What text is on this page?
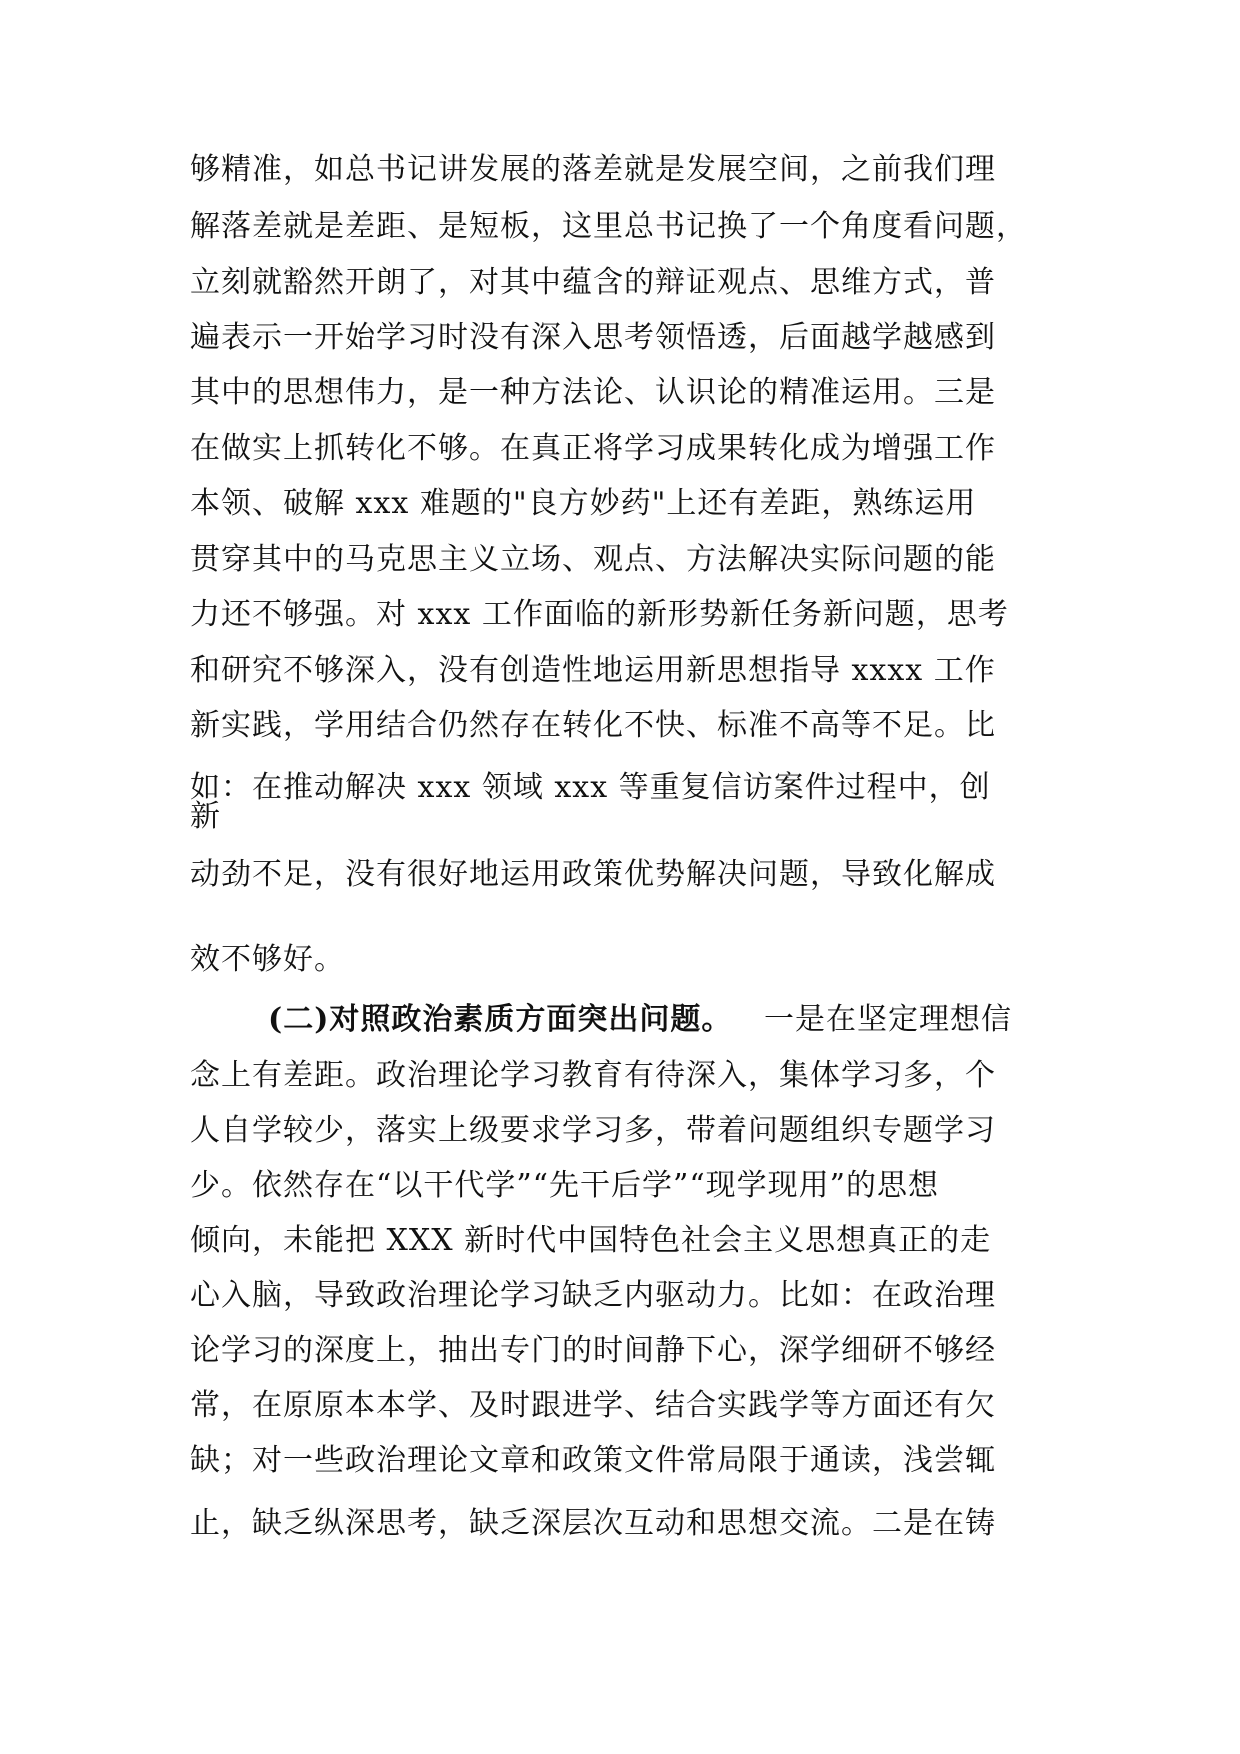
够精准，如总书记讲发展的落差就是发展空间，之前我们理
解落差就是差距、是短板，这里总书记换了一个角度看问题，
立刻就豁然开朗了，对其中蕴含的辩证观点、思维方式，普
遍表示一开始学习时没有深入思考领悟透，后面越学越感到
其中的思想伟力，是一种方法论、认识论的精准运用。三是
在做实上抓转化不够。在真正将学习成果转化成为增强工作
本领、破解 xxx 难题的"良方妙药"上还有差距，熟练运用
贯穿其中的马克思主义立场、观点、方法解决实际问题的能
力还不够强。对 xxx 工作面临的新形势新任务新问题，思考
和研究不够深入，没有创造性地运用新思想指导 xxxx 工作
新实践，学用结合仍然存在转化不快、标准不高等不足。比
如：在推动解决 xxx 领域 xxx 等重复信访案件过程中，创
新
动劲不足，没有很好地运用政策优势解决问题，导致化解成
效不够好。
(二)对照政治素质方面突出问题。 一是在坚定理想信
念上有差距。政治理论学习教育有待深入，集体学习多，个
人自学较少，落实上级要求学习多，带着问题组织专题学习
少。依然存在“以干代学”“先干后学”“现学现用”的思想
倾向，未能把 XXX 新时代中国特色社会主义思想真正的走
心入脑，导致政治理论学习缺乏内驱动力。比如：在政治理
论学习的深度上，抽出专门的时间静下心，深学细研不够经
常，在原原本本学、及时跟进学、结合实践学等方面还有欠
缺；对一些政治理论文章和政策文件常局限于通读，浅尝辄
止，缺乏纵深思考，缺乏深层次互动和思想交流。二是在铸
